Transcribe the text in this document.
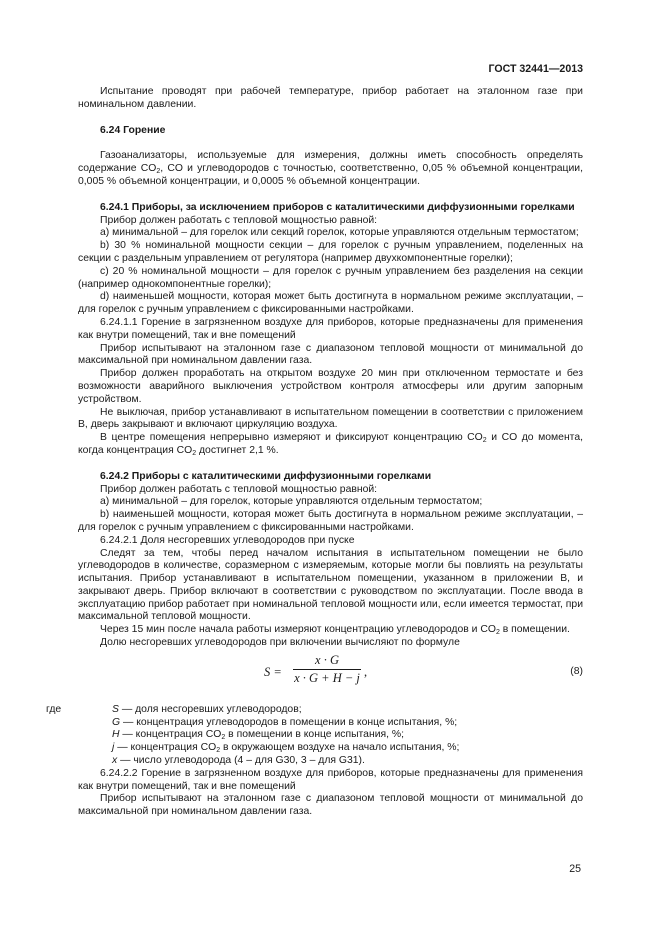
ГОСТ 32441—2013

Испытание проводят при рабочей температуре, прибор работает на эталонном газе при номинальном давлении.

6.24 Горение

Газоанализаторы, используемые для измерения, должны иметь способность определять содержание $CO_2$, CO и углеводородов с точностью, соответственно, 0,05 % объемной концентрации, 0,005 % объемной концентрации, и 0,0005 % объемной концентрации.

6.24.1 Приборы, за исключением приборов с каталитическими диффузионными горелками

Прибор должен работать с тепловой мощностью равной:

а) минимальной – для горелок или секций горелок, которые управляются отдельным термостатом;

b) 30 % номинальной мощности секции – для горелок с ручным управлением, поделенных на секции с раздельным управлением от регулятора (например двухкомпонентные горелки);

c) 20 % номинальной мощности – для горелок с ручным управлением без разделения на секции (например однокомпонентные горелки);

d) наименьшей мощности, которая может быть достигнута в нормальном режиме эксплуатации, – для горелок с ручным управлением с фиксированными настройками.

6.24.1.1 Горение в загрязненном воздухе для приборов, которые предназначены для применения как внутри помещений, так и вне помещений

Прибор испытывают на эталонном газе с диапазоном тепловой мощности от минимальной до максимальной при номинальном давлении газа.

Прибор должен проработать на открытом воздухе 20 мин при отключенном термостате и без возможности аварийного выключения устройством контроля атмосферы или другим запорным устройством.

Не выключая, прибор устанавливают в испытательном помещении в соответствии с приложением В, дверь закрывают и включают циркуляцию воздуха.

В центре помещения непрерывно измеряют и фиксируют концентрацию $CO_2$ и CO до момента, когда концентрация $CO_2$ достигнет 2,1 %.

6.24.2 Приборы с каталитическими диффузионными горелками

Прибор должен работать с тепловой мощностью равной:

а) минимальной – для горелок, которые управляются отдельным термостатом;

b) наименьшей мощности, которая может быть достигнута в нормальном режиме эксплуатации, – для горелок с ручным управлением с фиксированными настройками.

6.24.2.1 Доля несгоревших углеводородов при пуске

Следят за тем, чтобы перед началом испытания в испытательном помещении не было углеводородов в количестве, соразмерном с измеряемым, которые могли бы повлиять на результаты испытания. Прибор устанавливают в испытательном помещении, указанном в приложении В, и закрывают дверь. Прибор включают в соответствии с руководством по эксплуатации. После ввода в эксплуатацию прибор работает при номинальной тепловой мощности или, если имеется термостат, при максимальной тепловой мощности.

Через 15 мин после начала работы измеряют концентрацию углеводородов и $CO_2$ в помещении.

Долю несгоревших углеводородов при включении вычисляют по формуле

S =
x · G
x · G + H − j ,	(8)
где	S — доля несгоревших углеводородов;

G — концентрация углеводородов в помещении в конце испытания, %;

H — концентрация $CO_2$ в помещении в конце испытания, %;

j — концентрация $CO_2$ в окружающем воздухе на начало испытания, %;

x — число углеводорода (4 – для G30, 3 – для G31).

6.24.2.2 Горение в загрязненном воздухе для приборов, которые предназначены для применения как внутри помещений, так и вне помещений

Прибор испытывают на эталонном газе с диапазоном тепловой мощности от минимальной до максимальной при номинальном давлении газа.

25
